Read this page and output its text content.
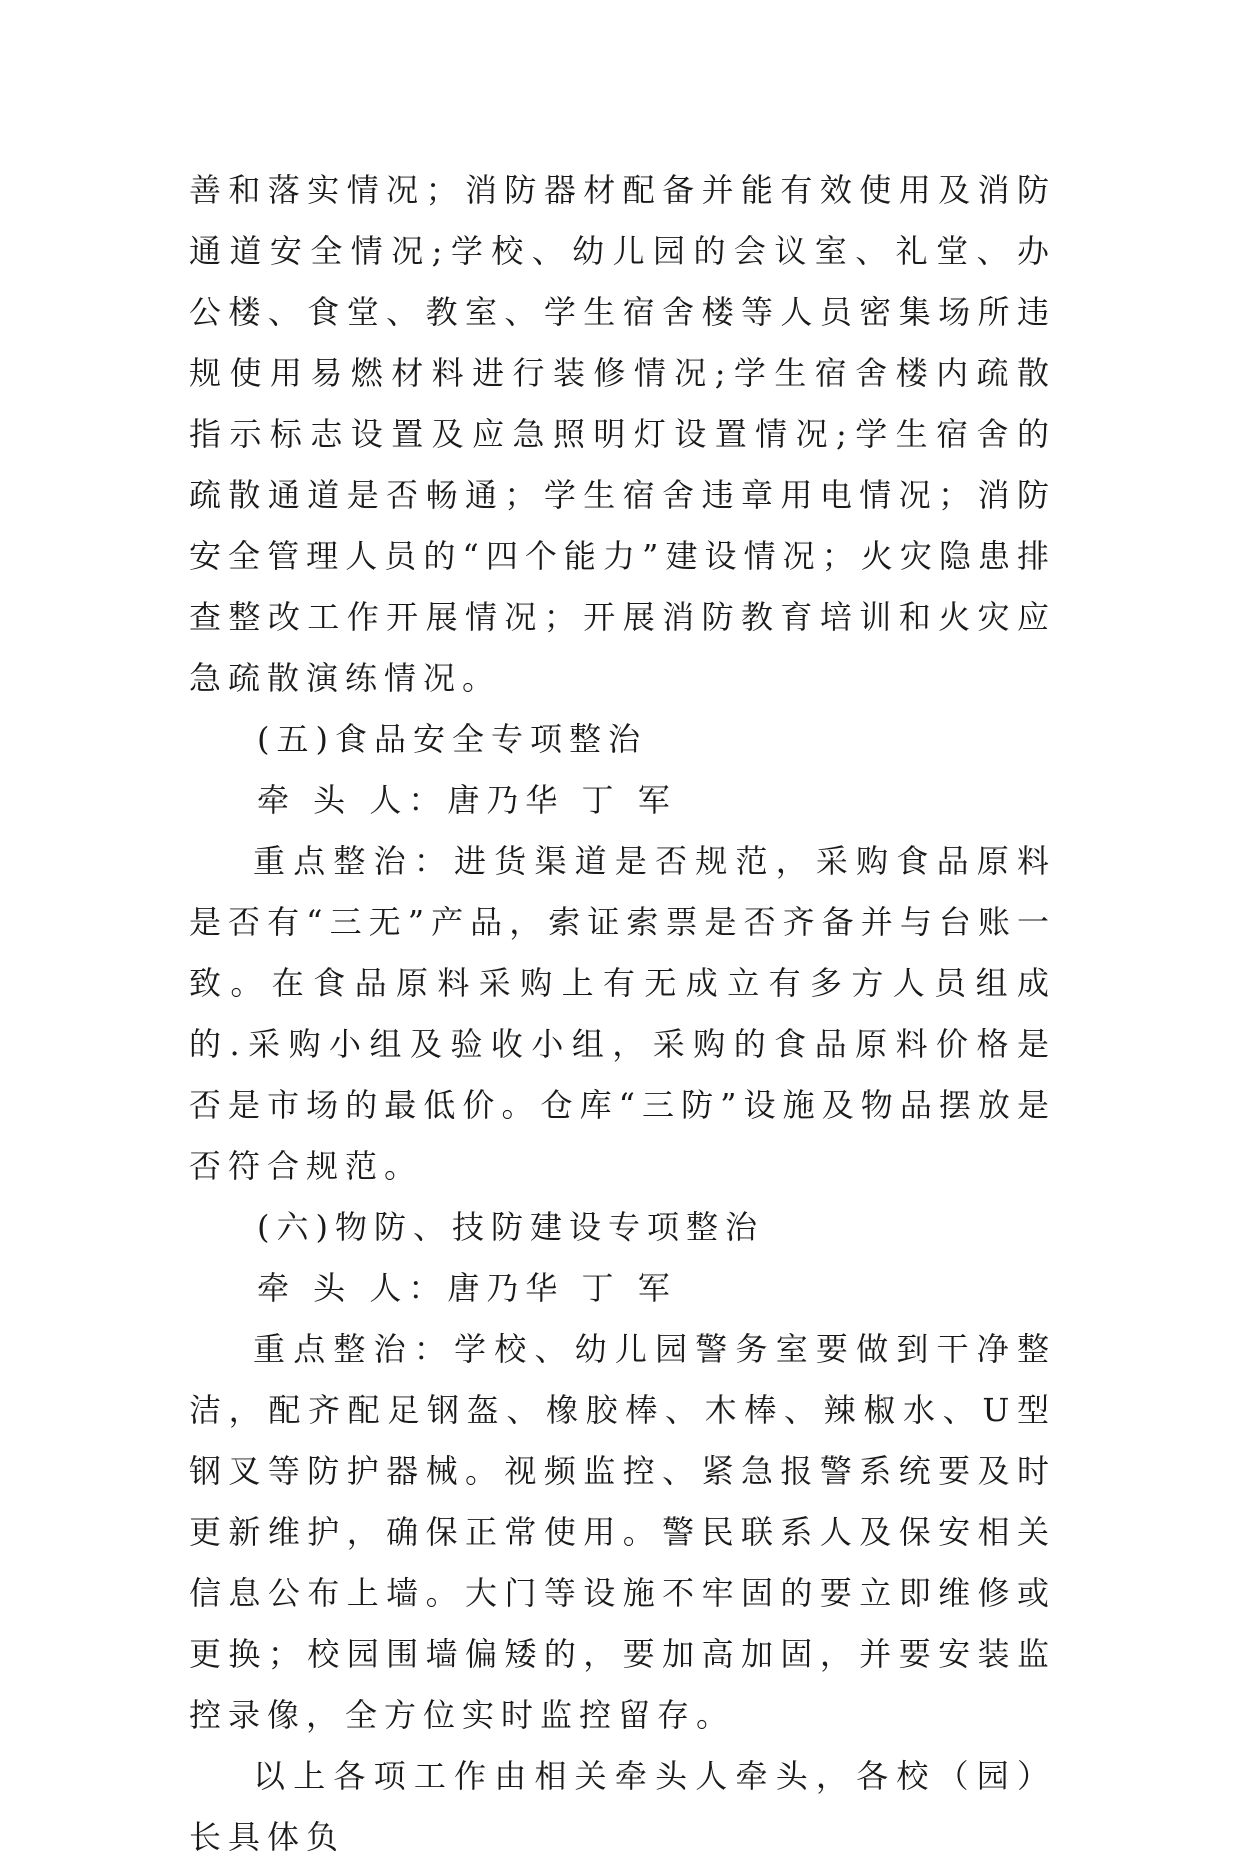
善和落实情况；消防器材配备并能有效使用及消防通道安全情况;学校、幼儿园的会议室、礼堂、办公楼、食堂、教室、学生宿舍楼等人员密集场所违规使用易燃材料进行装修情况;学生宿舍楼内疏散指示标志设置及应急照明灯设置情况;学生宿舍的疏散通道是否畅通；学生宿舍违章用电情况；消防安全管理人员的“四个能力”建设情况；火灾隐患排查整改工作开展情况；开展消防教育培训和火灾应急疏散演练情况。

(五)食品安全专项整治

牵 头 人：唐乃华 丁 军

重点整治：进货渠道是否规范，采购食品原料是否有“三无”产品，索证索票是否齐备并与台账一致。在食品原料采购上有无成立有多方人员组成的.采购小组及验收小组，采购的食品原料价格是否是市场的最低价。仓库“三防”设施及物品摆放是否符合规范。

(六)物防、技防建设专项整治

牵 头 人：唐乃华 丁 军

重点整治：学校、幼儿园警务室要做到干净整洁，配齐配足钢盔、橡胶棒、木棒、辣椒水、U型钢叉等防护器械。视频监控、紧急报警系统要及时更新维护，确保正常使用。警民联系人及保安相关信息公布上墙。大门等设施不牢固的要立即维修或更换；校园围墙偏矮的，要加高加固，并要安装监控录像，全方位实时监控留存。

以上各项工作由相关牵头人牵头，各校（园）长具体负
